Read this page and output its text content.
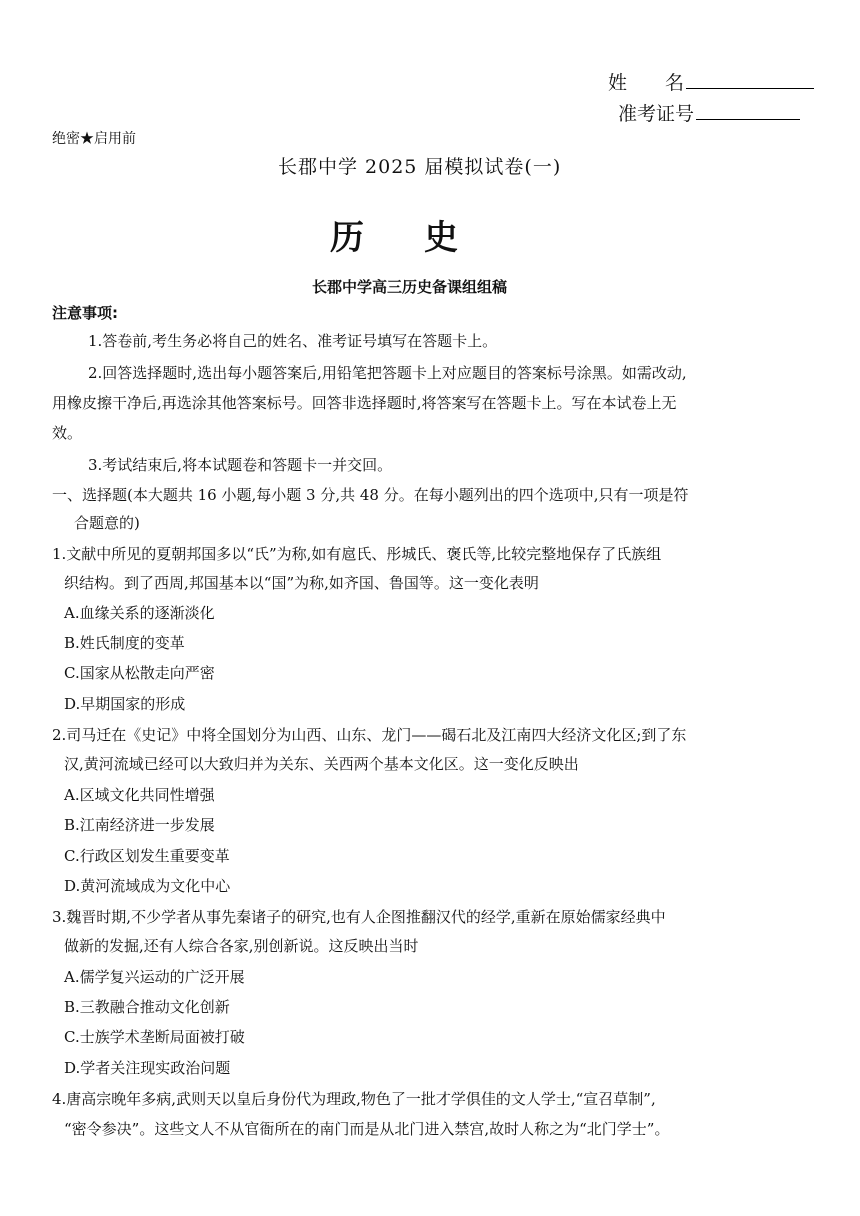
姓　　名
准考证号
绝密★启用前
长郡中学 2025 届模拟试卷(一)
历 史
长郡中学高三历史备课组组稿
注意事项:
1.答卷前,考生务必将自己的姓名、准考证号填写在答题卡上。
2.回答选择题时,选出每小题答案后,用铅笔把答题卡上对应题目的答案标号涂黑。如需改动,
用橡皮擦干净后,再选涂其他答案标号。回答非选择题时,将答案写在答题卡上。写在本试卷上无
效。
3.考试结束后,将本试题卷和答题卡一并交回。
一、选择题(本大题共 16 小题,每小题 3 分,共 48 分。在每小题列出的四个选项中,只有一项是符
合题意的)
1.文献中所见的夏朝邦国多以“氏”为称,如有扈氏、彤城氏、褒氏等,比较完整地保存了氏族组
织结构。到了西周,邦国基本以“国”为称,如齐国、鲁国等。这一变化表明
A.血缘关系的逐渐淡化
B.姓氏制度的变革
C.国家从松散走向严密
D.早期国家的形成
2.司马迁在《史记》中将全国划分为山西、山东、龙门——碣石北及江南四大经济文化区;到了东
汉,黄河流域已经可以大致归并为关东、关西两个基本文化区。这一变化反映出
A.区域文化共同性增强
B.江南经济进一步发展
C.行政区划发生重要变革
D.黄河流域成为文化中心
3.魏晋时期,不少学者从事先秦诸子的研究,也有人企图推翻汉代的经学,重新在原始儒家经典中
做新的发掘,还有人综合各家,别创新说。这反映出当时
A.儒学复兴运动的广泛开展
B.三教融合推动文化创新
C.士族学术垄断局面被打破
D.学者关注现实政治问题
4.唐高宗晚年多病,武则天以皇后身份代为理政,物色了一批才学俱佳的文人学士,“宣召草制”,
“密令参决”。这些文人不从官衙所在的南门而是从北门进入禁宫,故时人称之为“北门学士”。
